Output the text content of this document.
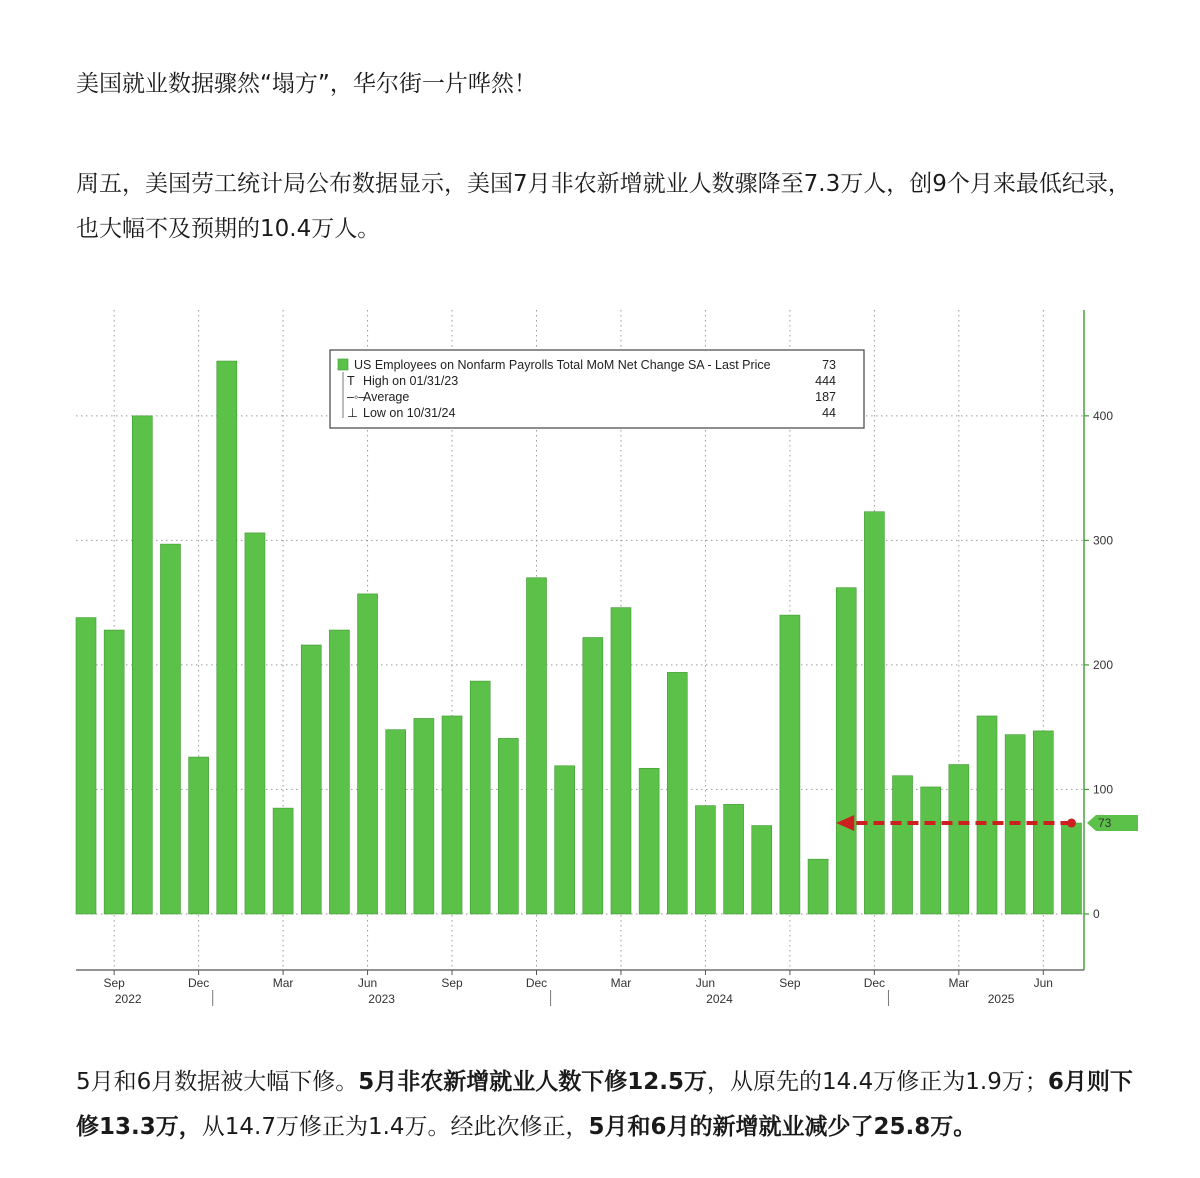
美国就业数据骤然“塌方”，华尔街一片哗然！

周五，美国劳工统计局公布数据显示，美国7月非农新增就业人数骤降至7.3万人，创9个月来最低纪录，也大幅不及预期的10.4万人。

5月和6月数据被大幅下修。5月非农新增就业人数下修12.5万，从原先的14.4万修正为1.9万；6月则下修13.3万，从14.7万修正为1.4万。经此次修正，5月和6月的新增就业减少了25.8万。

0
100
200
300
400
Sep	Dec	Mar	Jun	Sep	Dec	Mar	Jun	Sep	Dec	Mar	Jun
2022	2023	2024	2025
73
US Employees on Nonfarm Payrolls Total MoM Net Change SA - Last Price	73
T High on 01/31/23	444
–◦–
Average	187
⊥ Low on 10/31/24	44
